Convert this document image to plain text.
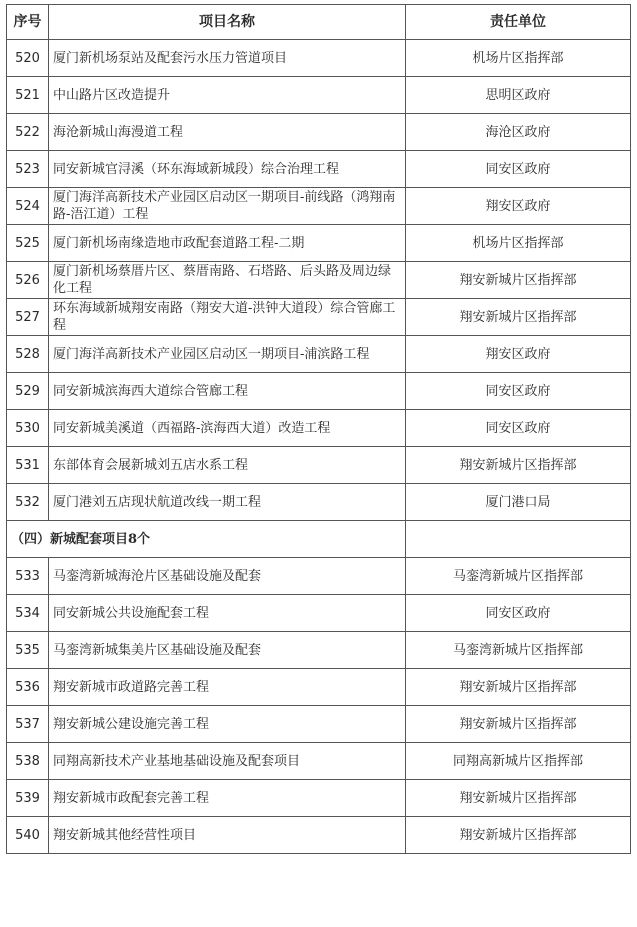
序号	项目名称	责任单位
520	厦门新机场泵站及配套污水压力管道项目	机场片区指挥部
521	中山路片区改造提升	思明区政府
522	海沧新城山海漫道工程	海沧区政府
523	同安新城官浔溪（环东海域新城段）综合治理工程	同安区政府
524	厦门海洋高新技术产业园区启动区一期项目-前线路（鸿翔南路-浯江道）工程	翔安区政府
525	厦门新机场南缘造地市政配套道路工程-二期	机场片区指挥部
526	厦门新机场蔡厝片区、蔡厝南路、石塔路、后头路及周边绿化工程	翔安新城片区指挥部
527	环东海域新城翔安南路（翔安大道-洪钟大道段）综合管廊工程	翔安新城片区指挥部
528	厦门海洋高新技术产业园区启动区一期项目-浦滨路工程	翔安区政府
529	同安新城滨海西大道综合管廊工程	同安区政府
530	同安新城美溪道（西福路-滨海西大道）改造工程	同安区政府
531	东部体育会展新城刘五店水系工程	翔安新城片区指挥部
532	厦门港刘五店现状航道改线一期工程	厦门港口局
（四）新城配套项目8个		
533	马銮湾新城海沧片区基础设施及配套	马銮湾新城片区指挥部
534	同安新城公共设施配套工程	同安区政府
535	马銮湾新城集美片区基础设施及配套	马銮湾新城片区指挥部
536	翔安新城市政道路完善工程	翔安新城片区指挥部
537	翔安新城公建设施完善工程	翔安新城片区指挥部
538	同翔高新技术产业基地基础设施及配套项目	同翔高新城片区指挥部
539	翔安新城市政配套完善工程	翔安新城片区指挥部
540	翔安新城其他经营性项目	翔安新城片区指挥部
